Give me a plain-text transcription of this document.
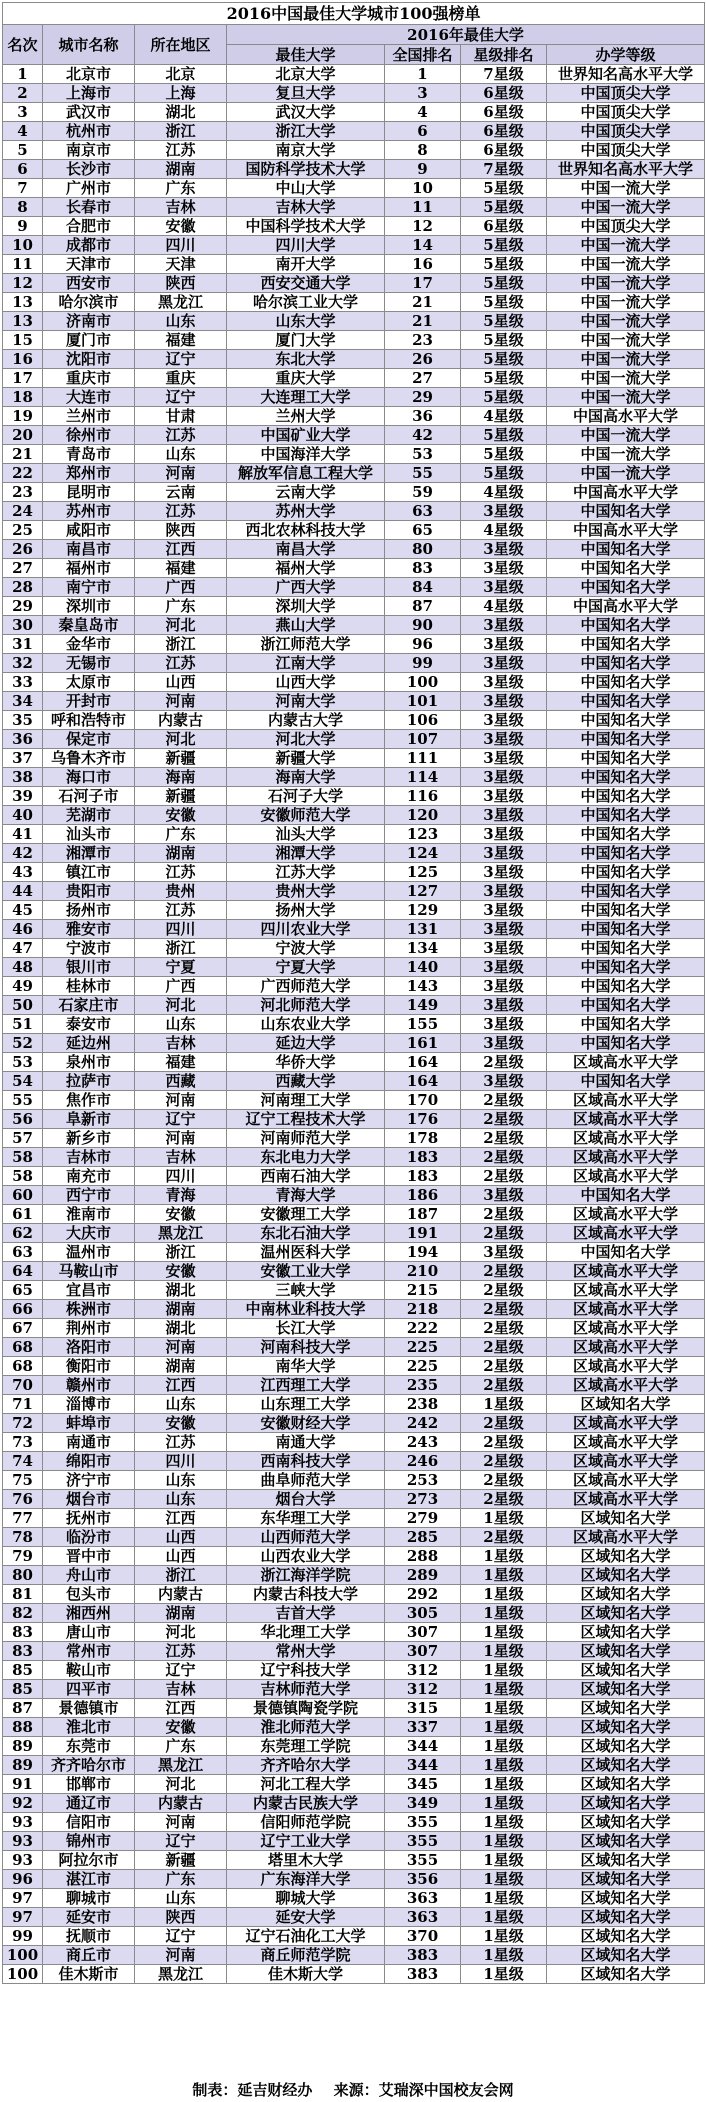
2016中国最佳大学城市100强榜单						
名次	城市名称	所在地区	2016年最佳大学			
			最佳大学	全国排名	星级排名	办学等级
1	北京市	北京	北京大学	1	7星级	世界知名高水平大学
2	上海市	上海	复旦大学	3	6星级	中国顶尖大学
3	武汉市	湖北	武汉大学	4	6星级	中国顶尖大学
4	杭州市	浙江	浙江大学	6	6星级	中国顶尖大学
5	南京市	江苏	南京大学	8	6星级	中国顶尖大学
6	长沙市	湖南	国防科学技术大学	9	7星级	世界知名高水平大学
7	广州市	广东	中山大学	10	5星级	中国一流大学
8	长春市	吉林	吉林大学	11	5星级	中国一流大学
9	合肥市	安徽	中国科学技术大学	12	6星级	中国顶尖大学
10	成都市	四川	四川大学	14	5星级	中国一流大学
11	天津市	天津	南开大学	16	5星级	中国一流大学
12	西安市	陕西	西安交通大学	17	5星级	中国一流大学
13	哈尔滨市	黑龙江	哈尔滨工业大学	21	5星级	中国一流大学
13	济南市	山东	山东大学	21	5星级	中国一流大学
15	厦门市	福建	厦门大学	23	5星级	中国一流大学
16	沈阳市	辽宁	东北大学	26	5星级	中国一流大学
17	重庆市	重庆	重庆大学	27	5星级	中国一流大学
18	大连市	辽宁	大连理工大学	29	5星级	中国一流大学
19	兰州市	甘肃	兰州大学	36	4星级	中国高水平大学
20	徐州市	江苏	中国矿业大学	42	5星级	中国一流大学
21	青岛市	山东	中国海洋大学	53	5星级	中国一流大学
22	郑州市	河南	解放军信息工程大学	55	5星级	中国一流大学
23	昆明市	云南	云南大学	59	4星级	中国高水平大学
24	苏州市	江苏	苏州大学	63	3星级	中国知名大学
25	咸阳市	陕西	西北农林科技大学	65	4星级	中国高水平大学
26	南昌市	江西	南昌大学	80	3星级	中国知名大学
27	福州市	福建	福州大学	83	3星级	中国知名大学
28	南宁市	广西	广西大学	84	3星级	中国知名大学
29	深圳市	广东	深圳大学	87	4星级	中国高水平大学
30	秦皇岛市	河北	燕山大学	90	3星级	中国知名大学
31	金华市	浙江	浙江师范大学	96	3星级	中国知名大学
32	无锡市	江苏	江南大学	99	3星级	中国知名大学
33	太原市	山西	山西大学	100	3星级	中国知名大学
34	开封市	河南	河南大学	101	3星级	中国知名大学
35	呼和浩特市	内蒙古	内蒙古大学	106	3星级	中国知名大学
36	保定市	河北	河北大学	107	3星级	中国知名大学
37	乌鲁木齐市	新疆	新疆大学	111	3星级	中国知名大学
38	海口市	海南	海南大学	114	3星级	中国知名大学
39	石河子市	新疆	石河子大学	116	3星级	中国知名大学
40	芜湖市	安徽	安徽师范大学	120	3星级	中国知名大学
41	汕头市	广东	汕头大学	123	3星级	中国知名大学
42	湘潭市	湖南	湘潭大学	124	3星级	中国知名大学
43	镇江市	江苏	江苏大学	125	3星级	中国知名大学
44	贵阳市	贵州	贵州大学	127	3星级	中国知名大学
45	扬州市	江苏	扬州大学	129	3星级	中国知名大学
46	雅安市	四川	四川农业大学	131	3星级	中国知名大学
47	宁波市	浙江	宁波大学	134	3星级	中国知名大学
48	银川市	宁夏	宁夏大学	140	3星级	中国知名大学
49	桂林市	广西	广西师范大学	143	3星级	中国知名大学
50	石家庄市	河北	河北师范大学	149	3星级	中国知名大学
51	泰安市	山东	山东农业大学	155	3星级	中国知名大学
52	延边州	吉林	延边大学	161	3星级	中国知名大学
53	泉州市	福建	华侨大学	164	2星级	区域高水平大学
54	拉萨市	西藏	西藏大学	164	3星级	中国知名大学
55	焦作市	河南	河南理工大学	170	2星级	区域高水平大学
56	阜新市	辽宁	辽宁工程技术大学	176	2星级	区域高水平大学
57	新乡市	河南	河南师范大学	178	2星级	区域高水平大学
58	吉林市	吉林	东北电力大学	183	2星级	区域高水平大学
58	南充市	四川	西南石油大学	183	2星级	区域高水平大学
60	西宁市	青海	青海大学	186	3星级	中国知名大学
61	淮南市	安徽	安徽理工大学	187	2星级	区域高水平大学
62	大庆市	黑龙江	东北石油大学	191	2星级	区域高水平大学
63	温州市	浙江	温州医科大学	194	3星级	中国知名大学
64	马鞍山市	安徽	安徽工业大学	210	2星级	区域高水平大学
65	宜昌市	湖北	三峡大学	215	2星级	区域高水平大学
66	株洲市	湖南	中南林业科技大学	218	2星级	区域高水平大学
67	荆州市	湖北	长江大学	222	2星级	区域高水平大学
68	洛阳市	河南	河南科技大学	225	2星级	区域高水平大学
68	衡阳市	湖南	南华大学	225	2星级	区域高水平大学
70	赣州市	江西	江西理工大学	235	2星级	区域高水平大学
71	淄博市	山东	山东理工大学	238	1星级	区域知名大学
72	蚌埠市	安徽	安徽财经大学	242	2星级	区域高水平大学
73	南通市	江苏	南通大学	243	2星级	区域高水平大学
74	绵阳市	四川	西南科技大学	246	2星级	区域高水平大学
75	济宁市	山东	曲阜师范大学	253	2星级	区域高水平大学
76	烟台市	山东	烟台大学	273	2星级	区域高水平大学
77	抚州市	江西	东华理工大学	279	1星级	区域知名大学
78	临汾市	山西	山西师范大学	285	2星级	区域高水平大学
79	晋中市	山西	山西农业大学	288	1星级	区域知名大学
80	舟山市	浙江	浙江海洋学院	289	1星级	区域知名大学
81	包头市	内蒙古	内蒙古科技大学	292	1星级	区域知名大学
82	湘西州	湖南	吉首大学	305	1星级	区域知名大学
83	唐山市	河北	华北理工大学	307	1星级	区域知名大学
83	常州市	江苏	常州大学	307	1星级	区域知名大学
85	鞍山市	辽宁	辽宁科技大学	312	1星级	区域知名大学
85	四平市	吉林	吉林师范大学	312	1星级	区域知名大学
87	景德镇市	江西	景德镇陶瓷学院	315	1星级	区域知名大学
88	淮北市	安徽	淮北师范大学	337	1星级	区域知名大学
89	东莞市	广东	东莞理工学院	344	1星级	区域知名大学
89	齐齐哈尔市	黑龙江	齐齐哈尔大学	344	1星级	区域知名大学
91	邯郸市	河北	河北工程大学	345	1星级	区域知名大学
92	通辽市	内蒙古	内蒙古民族大学	349	1星级	区域知名大学
93	信阳市	河南	信阳师范学院	355	1星级	区域知名大学
93	锦州市	辽宁	辽宁工业大学	355	1星级	区域知名大学
93	阿拉尔市	新疆	塔里木大学	355	1星级	区域知名大学
96	湛江市	广东	广东海洋大学	356	1星级	区域知名大学
97	聊城市	山东	聊城大学	363	1星级	区域知名大学
97	延安市	陕西	延安大学	363	1星级	区域知名大学
99	抚顺市	辽宁	辽宁石油化工大学	370	1星级	区域知名大学
100	商丘市	河南	商丘师范学院	383	1星级	区域知名大学
100	佳木斯市	黑龙江	佳木斯大学	383	1星级	区域知名大学
制表：延吉财经办 来源：艾瑞深中国校友会网
